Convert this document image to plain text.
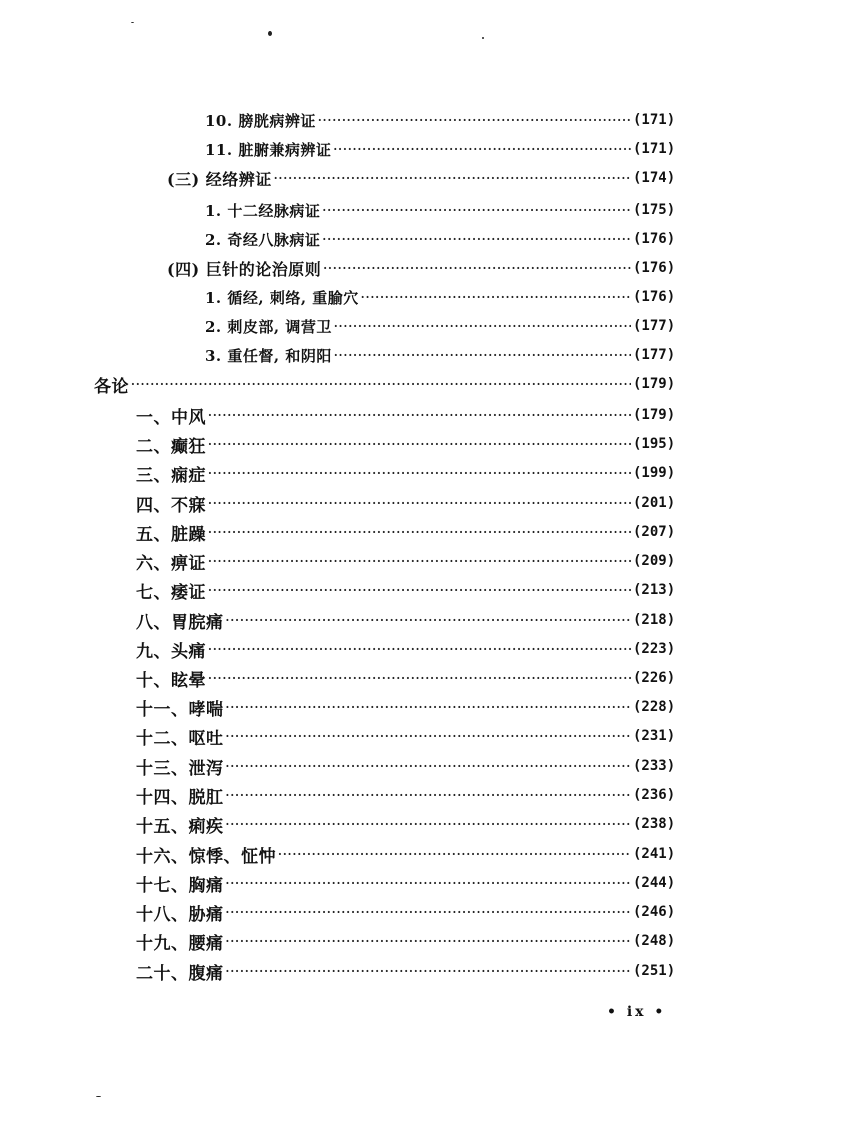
10. 膀胱病辨证 ·····	(171)
11. 脏腑兼病辨证 ·····	(171)
(三) 经络辨证 ·····	(174)
1. 十二经脉病证 ·····	(175)
2. 奇经八脉病证 ·····	(176)
(四) 巨针的论治原则 ·····	(176)
1. 循经, 刺络, 重腧穴 ·····	(176)
2. 刺皮部, 调营卫 ·····	(177)
3. 重任督, 和阴阳 ·····	(177)
各论 ·····	(179)
一、中风 ·····	(179)
二、癫狂 ·····	(195)
三、痫症 ·····	(199)
四、不寐 ·····	(201)
五、脏躁 ·····	(207)
六、痹证 ·····	(209)
七、痿证 ·····	(213)
八、胃脘痛 ·····	(218)
九、头痛 ·····	(223)
十、眩晕 ·····	(226)
十一、哮喘 ·····	(228)
十二、呕吐 ·····	(231)
十三、泄泻 ·····	(233)
十四、脱肛 ·····	(236)
十五、痢疾 ·····	(238)
十六、惊悸、怔忡 ·····	(241)
十七、胸痛 ·····	(244)
十八、胁痛 ·····	(246)
十九、腰痛 ·····	(248)
二十、腹痛 ·····	(251)
• ix •
